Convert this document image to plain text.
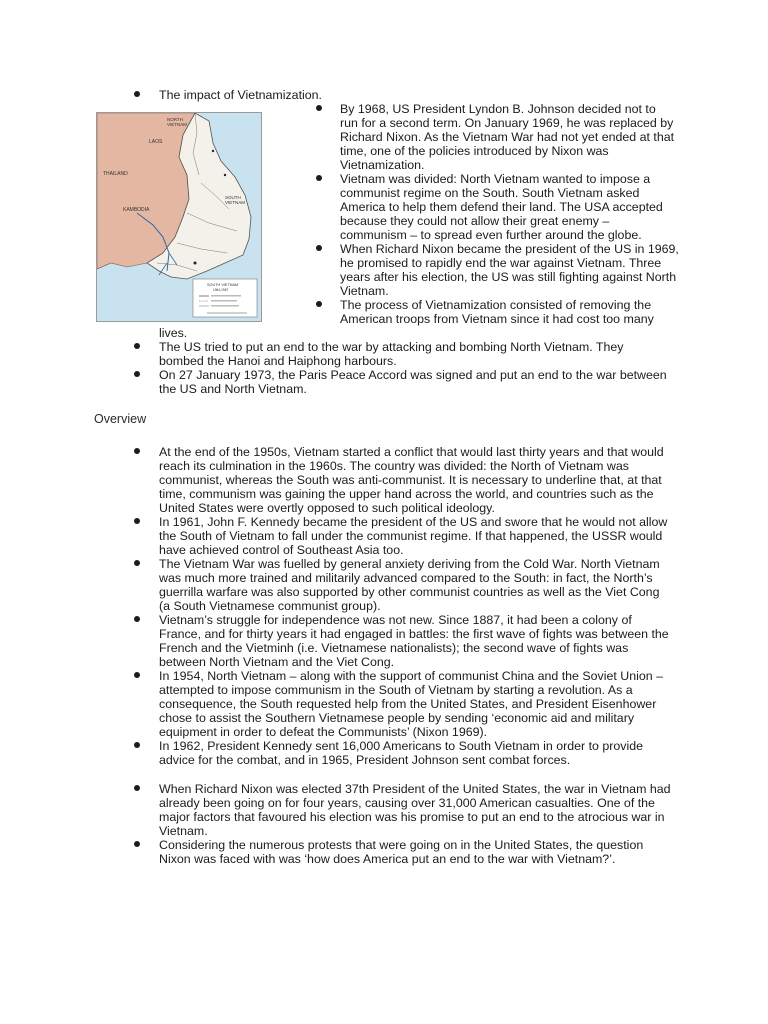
The impact of Vietnamization.
NORTH VIETNAM
LAOS
THAILAND
KAMBODIA
SOUTH VIETNAM
SOUTH VIETNAM
1964-1967
By 1968, US President Lyndon B. Johnson decided not to run for a second term. On January 1969, he was replaced by Richard Nixon. As the Vietnam War had not yet ended at that time, one of the policies introduced by Nixon was Vietnamization.
Vietnam was divided: North Vietnam wanted to impose a communist regime on the South. South Vietnam asked America to help them defend their land. The USA accepted because they could not allow their great enemy – communism – to spread even further around the globe.
When Richard Nixon became the president of the US in 1969, he promised to rapidly end the war against Vietnam. Three years after his election, the US was still fighting against North Vietnam.
The process of Vietnamization consisted of removing the American troops from Vietnam since it had cost too many
The US tried to put an end to the war by attacking and bombing North Vietnam. They bombed the Hanoi and Haiphong harbours.
On 27 January 1973, the Paris Peace Accord was signed and put an end to the war between the US and North Vietnam.
Overview
At the end of the 1950s, Vietnam started a conflict that would last thirty years and that would reach its culmination in the 1960s. The country was divided: the North of Vietnam was communist, whereas the South was anti-communist. It is necessary to underline that, at that time, communism was gaining the upper hand across the world, and countries such as the United States were overtly opposed to such political ideology.
In 1961, John F. Kennedy became the president of the US and swore that he would not allow the South of Vietnam to fall under the communist regime. If that happened, the USSR would have achieved control of Southeast Asia too.
The Vietnam War was fuelled by general anxiety deriving from the Cold War. North Vietnam was much more trained and militarily advanced compared to the South: in fact, the North’s guerrilla warfare was also supported by other communist countries as well as the Viet Cong (a South Vietnamese communist group).
Vietnam’s struggle for independence was not new. Since 1887, it had been a colony of France, and for thirty years it had engaged in battles: the first wave of fights was between the French and the Vietminh (i.e. Vietnamese nationalists); the second wave of fights was between North Vietnam and the Viet Cong.
In 1954, North Vietnam – along with the support of communist China and the Soviet Union – attempted to impose communism in the South of Vietnam by starting a revolution. As a consequence, the South requested help from the United States, and President Eisenhower chose to assist the Southern Vietnamese people by sending ‘economic aid and military equipment in order to defeat the Communists’ (Nixon 1969).
In 1962, President Kennedy sent 16,000 Americans to South Vietnam in order to provide advice for the combat, and in 1965, President Johnson sent combat forces.
When Richard Nixon was elected 37th President of the United States, the war in Vietnam had already been going on for four years, causing over 31,000 American casualties. One of the major factors that favoured his election was his promise to put an end to the atrocious war in Vietnam.
Considering the numerous protests that were going on in the United States, the question Nixon was faced with was ‘how does America put an end to the war with Vietnam?’.
lives.
